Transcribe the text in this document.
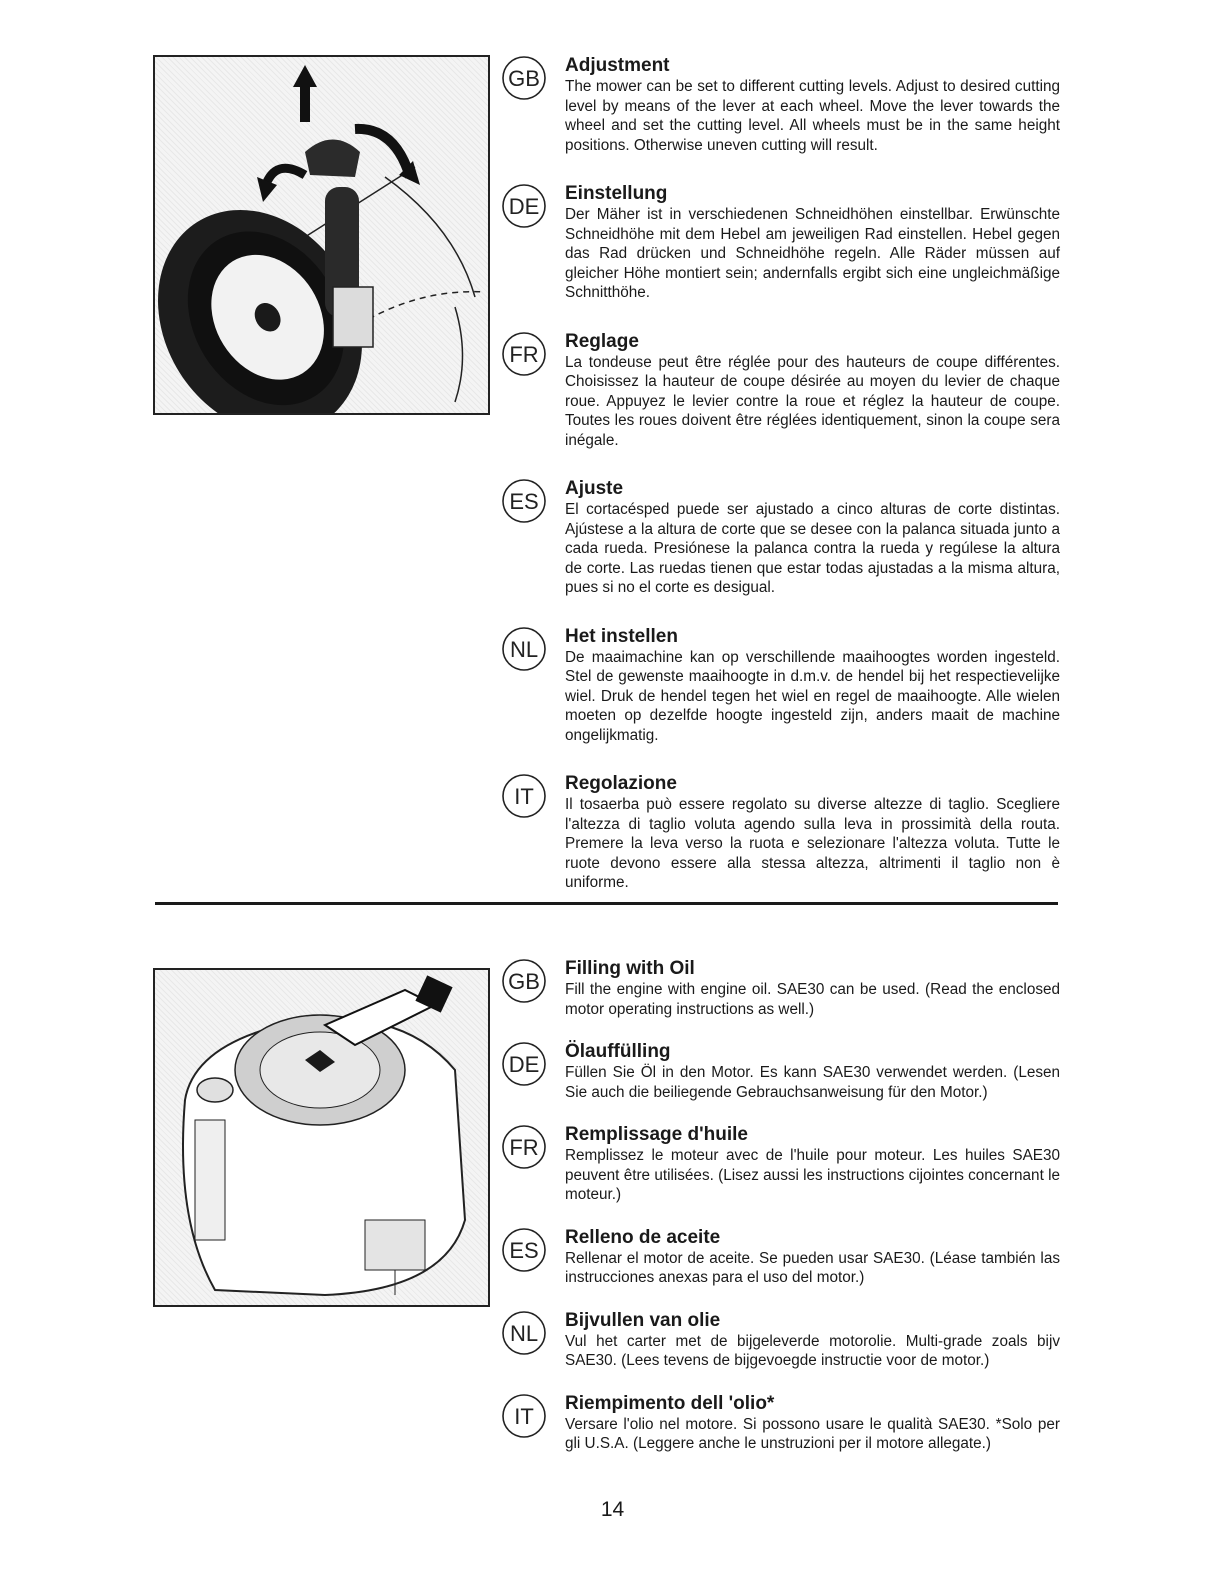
GB
Adjustment

The mower can be set to different cutting levels. Adjust to desired cutting level by means of the lever at each wheel. Move the lever towards the wheel and set the cutting level. All wheels must be in the same height positions. Otherwise uneven cutting will result.

DE
Einstellung

Der Mäher ist in verschiedenen Schneidhöhen einstellbar. Erwünschte Schneidhöhe mit dem Hebel am jeweiligen Rad einstellen. Hebel gegen das Rad drücken und Schneidhöhe regeln. Alle Räder müssen auf gleicher Höhe montiert sein; andernfalls ergibt sich eine ungleichmäßige Schnitthöhe.

FR
Reglage

La tondeuse peut être réglée pour des hauteurs de coupe différentes. Choisissez la hauteur de coupe désirée au moyen du levier de chaque roue. Appuyez le levier contre la roue et réglez la hauteur de coupe. Toutes les roues doivent être réglées identiquement, sinon la coupe sera inégale.

ES
Ajuste

El cortacésped puede ser ajustado a cinco alturas de corte distintas. Ajústese a la altura de corte que se desee con la palanca situada junto a cada rueda. Presiónese la palanca contra la rueda y regúlese la altura de corte. Las ruedas tienen que estar todas ajustadas a la misma altura, pues si no el corte es desigual.

NL
Het instellen

De maaimachine kan op verschillende maaihoogtes worden ingesteld. Stel de gewenste maaihoogte in d.m.v. de hendel bij het respectievelijke wiel. Druk de hendel tegen het wiel en regel de maaihoogte. Alle wielen moeten op dezelfde hoogte ingesteld zijn, anders maait de machine ongelijkmatig.

IT
Regolazione

Il tosaerba può essere regolato su diverse altezze di taglio. Scegliere l'altezza di taglio voluta agendo sulla leva in prossimità della routa. Premere la leva verso la ruota e selezionare l'altezza voluta. Tutte le ruote devono essere alla stessa altezza, altrimenti il taglio non è uniforme.

GB
Filling with Oil

Fill the engine with engine oil. SAE30 can be used. (Read the enclosed motor operating instructions as well.)

DE
Ölauffülling

Füllen Sie Öl in den Motor. Es kann SAE30 verwendet werden. (Lesen Sie auch die beiliegende Gebrauchsanweisung für den Motor.)

FR
Remplissage d'huile

Remplissez le moteur avec de l'huile pour moteur. Les huiles SAE30 peuvent être utilisées. (Lisez aussi les instructions cijointes concernant le moteur.)

ES
Relleno de aceite

Rellenar el motor de aceite. Se pueden usar SAE30. (Léase también las instrucciones anexas para el uso del motor.)

NL
Bijvullen van olie

Vul het carter met de bijgeleverde motorolie. Multi-grade zoals bijv SAE30. (Lees tevens de bijgevoegde instructie voor de motor.)

IT
Riempimento dell 'olio*

Versare l'olio nel motore. Si possono usare le qualità SAE30. *Solo per gli U.S.A. (Leggere anche le unstruzioni per il motore allegate.)

14
